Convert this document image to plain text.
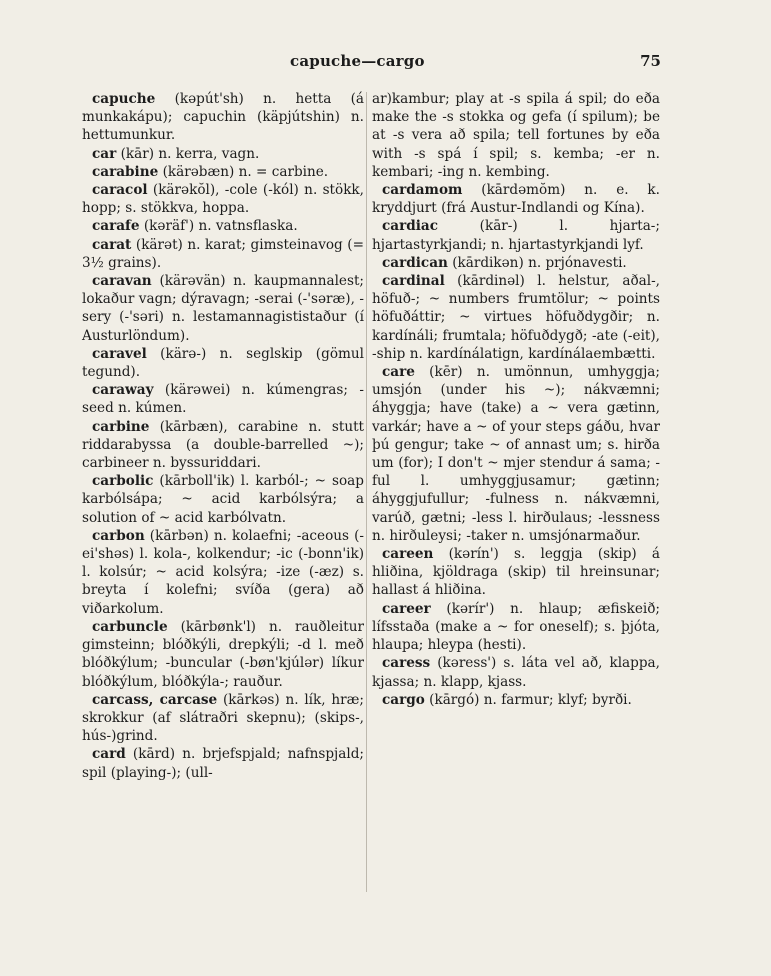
capuche—cargo	75

capuche (kəpút'sh) n. hetta (á munkakápu); capuchin (käpjútshin) n. hettumunkur.

car (kār) n. kerra, vagn.

carabine (kärəbæn) n. = carbine.

caracol (kärəkŏl), -cole (-kól) n. stökk, hopp; s. stökkva, hoppa.

carafe (kəräf') n. vatnsflaska.

carat (kärət) n. karat; gimsteinavog (= 3½ grains).

caravan (kärəvän) n. kaupmannalest; lokaður vagn; dýravagn; -serai (-'sərӕ), -sery (-'sәri) n. lestamannagististaður (í Austurlöndum).

caravel (kärə-) n. seglskip (gömul tegund).

caraway (kärəwei) n. kúmengras; -seed n. kúmen.

carbine (kārbæn), carabine n. stutt riddarabyssa (a double-barrelled ~); carbineer n. byssuriddari.

carbolic (kārboll'ik) l. karból-; ~ soap karbólsápa; ~ acid karbólsýra; a solution of ~ acid karbólvatn.

carbon (kārbən) n. kolaefni; -aceous (-ei'shəs) l. kola-, kolkendur; -ic (-bonn'ik) l. kolsúr; ~ acid kolsýra; -ize (-æz) s. breyta í kolefni; svíða (gera) að viðarkolum.

carbuncle (kārbønk'l) n. rauðleitur gimsteinn; blóðkýli, drepkýli; -d l. með blóðkýlum; -buncular (-bøn'kjúlər) líkur blóðkýlum, blóðkýla-; rauður.

carcass, carcase (kārkəs) n. lík, hræ; skrokkur (af slátraðri skepnu); (skips-, hús-)grind.

card (kārd) n. brjefspjald; nafnspjald; spil (playing-); (ull-

ar)kambur; play at -s spila á spil; do eða make the -s stokka og gefa (í spilum); be at -s vera að spila; tell fortunes by eða with -s spá í spil; s. kemba; -er n. kembari; -ing n. kembing.

cardamom (kārdəmŏm) n. e. k. kryddjurt (frá Austur-Indlandi og Kína).

cardiac (kār-) l. hjarta-; hjartastyrkjandi; n. hjartastyrkjandi lyf.

cardican (kārdikən) n. prjónavesti.

cardinal (kārdinəl) l. helstur, aðal-, höfuð-; ~ numbers frumtölur; ~ points höfuðáttir; ~ virtues höfuðdygðir; n. kardínáli; frumtala; höfuðdygð; -ate (-eit), -ship n. kardínálatign, kardínálaembætti.

care (kēr) n. umönnun, umhyggja; umsjón (under his ~); nákvæmni; áhyggja; have (take) a ~ vera gætinn, varkár; have a ~ of your steps gáðu, hvar þú gengur; take ~ of annast um; s. hirða um (for); I don't ~ mjer stendur á sama; -ful l. umhyggjusamur; gætinn; áhyggjufullur; -fulness n. nákvæmni, varúð, gætni; -less l. hirðulaus; -lessness n. hirðuleysi; -taker n. umsjónarmaður.

careen (kərín') s. leggja (skip) á hliðina, kjöldraga (skip) til hreinsunar; hallast á hliðina.

career (kərír') n. hlaup; æfiskeið; lífsstaða (make a ~ for oneself); s. þjóta, hlaupa; hleypa (hesti).

caress (kəress') s. láta vel að, klappa, kjassa; n. klapp, kjass.

cargo (kārgó) n. farmur; klyf; byrði.
